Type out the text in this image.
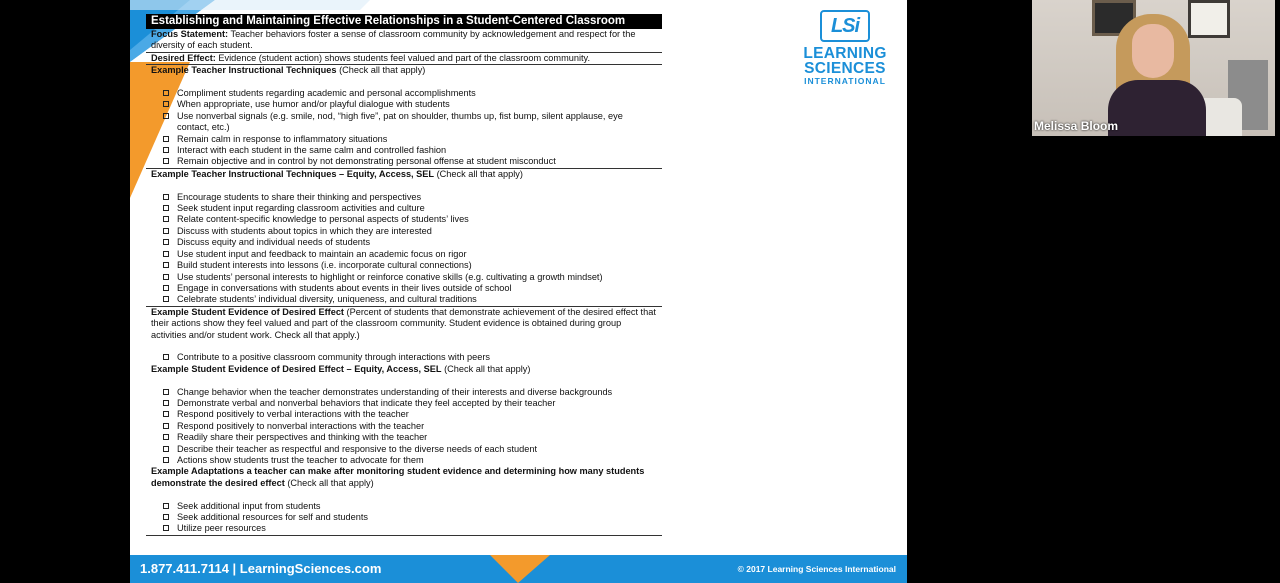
LSi
LEARNING
SCIENCES
INTERNATIONAL
1.877.411.7114 | LearningSciences.com	© 2017 Learning Sciences International
Establishing and Maintaining Effective Relationships in a Student-Centered Classroom
Focus Statement: Teacher behaviors foster a sense of classroom community by acknowledgement and respect for the diversity of each student.
Desired Effect: Evidence (student action) shows students feel valued and part of the classroom community.
Example Teacher Instructional Techniques (Check all that apply)
Compliment students regarding academic and personal accomplishments
When appropriate, use humor and/or playful dialogue with students
Use nonverbal signals (e.g. smile, nod, “high five”, pat on shoulder, thumbs up, fist bump, silent applause, eye contact, etc.)
Remain calm in response to inflammatory situations
Interact with each student in the same calm and controlled fashion
Remain objective and in control by not demonstrating personal offense at student misconduct
Example Teacher Instructional Techniques – Equity, Access, SEL (Check all that apply)
Encourage students to share their thinking and perspectives
Seek student input regarding classroom activities and culture
Relate content-specific knowledge to personal aspects of students’ lives
Discuss with students about topics in which they are interested
Discuss equity and individual needs of students
Use student input and feedback to maintain an academic focus on rigor
Build student interests into lessons (i.e. incorporate cultural connections)
Use students’ personal interests to highlight or reinforce conative skills (e.g. cultivating a growth mindset)
Engage in conversations with students about events in their lives outside of school
Celebrate students’ individual diversity, uniqueness, and cultural traditions
Example Student Evidence of Desired Effect (Percent of students that demonstrate achievement of the desired effect that their actions show they feel valued and part of the classroom community. Student evidence is obtained during group activities and/or student work. Check all that apply.)
Contribute to a positive classroom community through interactions with peers
Example Student Evidence of Desired Effect – Equity, Access, SEL (Check all that apply)
Change behavior when the teacher demonstrates understanding of their interests and diverse backgrounds
Demonstrate verbal and nonverbal behaviors that indicate they feel accepted by their teacher
Respond positively to verbal interactions with the teacher
Respond positively to nonverbal interactions with the teacher
Readily share their perspectives and thinking with the teacher
Describe their teacher as respectful and responsive to the diverse needs of each student
Actions show students trust the teacher to advocate for them
Example Adaptations a teacher can make after monitoring student evidence and determining how many students demonstrate the desired effect (Check all that apply)
Seek additional input from students
Seek additional resources for self and students
Utilize peer resources
Melissa Bloom
